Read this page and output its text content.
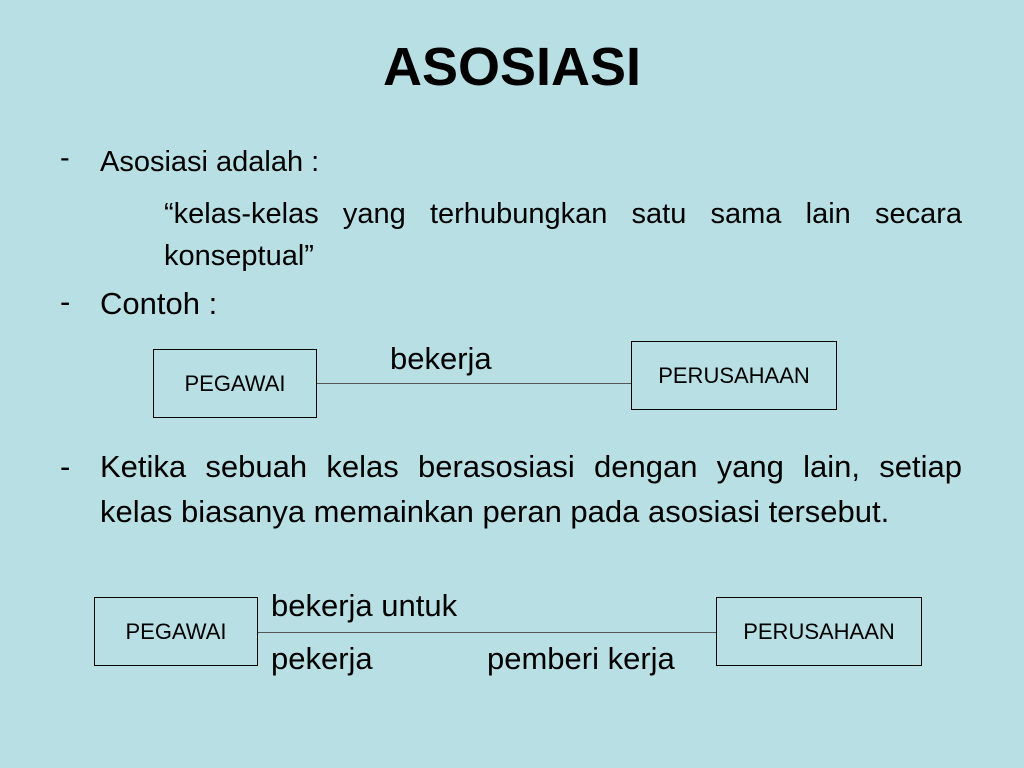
ASOSIASI
- Asosiasi adalah :
“kelas-kelas yang terhubungkan satu sama lain secara konseptual”
- Contoh :
PEGAWAI	PERUSAHAAN
bekerja
- Ketika sebuah kelas berasosiasi dengan yang lain, setiap kelas biasanya memainkan peran pada asosiasi tersebut.
PEGAWAI	PERUSAHAAN
bekerja untuk
pekerja	pemberi kerja
